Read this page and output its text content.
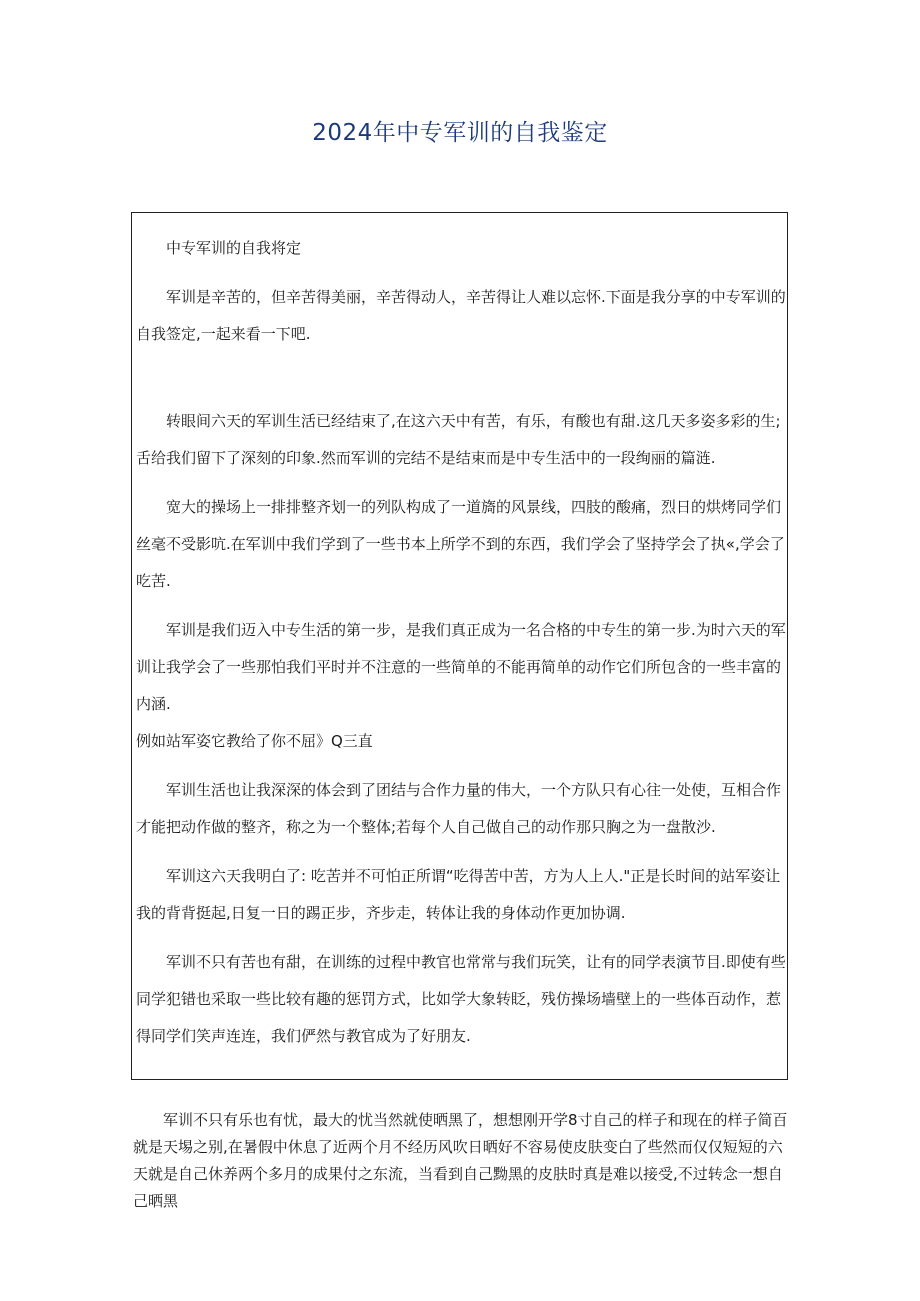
2024年中专军训的自我鉴定

中专军训的自我将定

军训是辛苦的，但辛苦得美丽，辛苦得动人，辛苦得让人难以忘怀.下面是我分享的中专军训的自我签定,一起来看一下吧.

转眼间六天的军训生活已经结束了,在这六天中有苦，有乐，有酸也有甜.这几天多姿多彩的生;舌给我们留下了深刻的印象.然而军训的完结不是结束而是中专生活中的一段绚丽的篇涟.

宽大的操场上一排排整齐划一的列队构成了一道旖的风景线，四肢的酸痛，烈日的烘烤同学们丝毫不受影吭.在军训中我们学到了一些书本上所学不到的东西，我们学会了坚持学会了执«,学会了吃苦.

军训是我们迈入中专生活的第一步，是我们真正成为一名合格的中专生的第一步.为时六天的军训让我学会了一些那怕我们平时并不注意的一些简单的不能再简单的动作它们所包含的一些丰富的内涵.

例如站军姿它教给了你不屈》Q三直

军训生活也让我深深的体会到了团结与合作力量的伟大，一个方队只有心往一处使，互相合作才能把动作做的整齐，称之为一个整体;若每个人自己做自己的动作那只胸之为一盘散沙.

军训这六天我明白了: 吃苦并不可怕正所谓“吃得苦中苦，方为人上人."正是长时间的站军姿让我的背背挺起,日复一日的踢正步，齐步走，转体让我的身体动作更加协调.

军训不只有苦也有甜，在训练的过程中教官也常常与我们玩笑，让有的同学表演节目.即使有些同学犯错也采取一些比较有趣的惩罚方式，比如学大象转眨，残仿操场墙壁上的一些体百动作，惹得同学们笑声连连，我们俨然与教官成为了好朋友.

军训不只有乐也有忧，最大的忧当然就使晒黑了，想想刚开学8寸自己的样子和现在的样子简百就是天埸之别,在暑假中休息了近两个月不经历风吹日晒好不容易使皮肤变白了些然而仅仅短短的六天就是自己休养两个多月的成果付之东流，当看到自己黝黑的皮肤时真是难以接受,不过转念一想自己晒黑
